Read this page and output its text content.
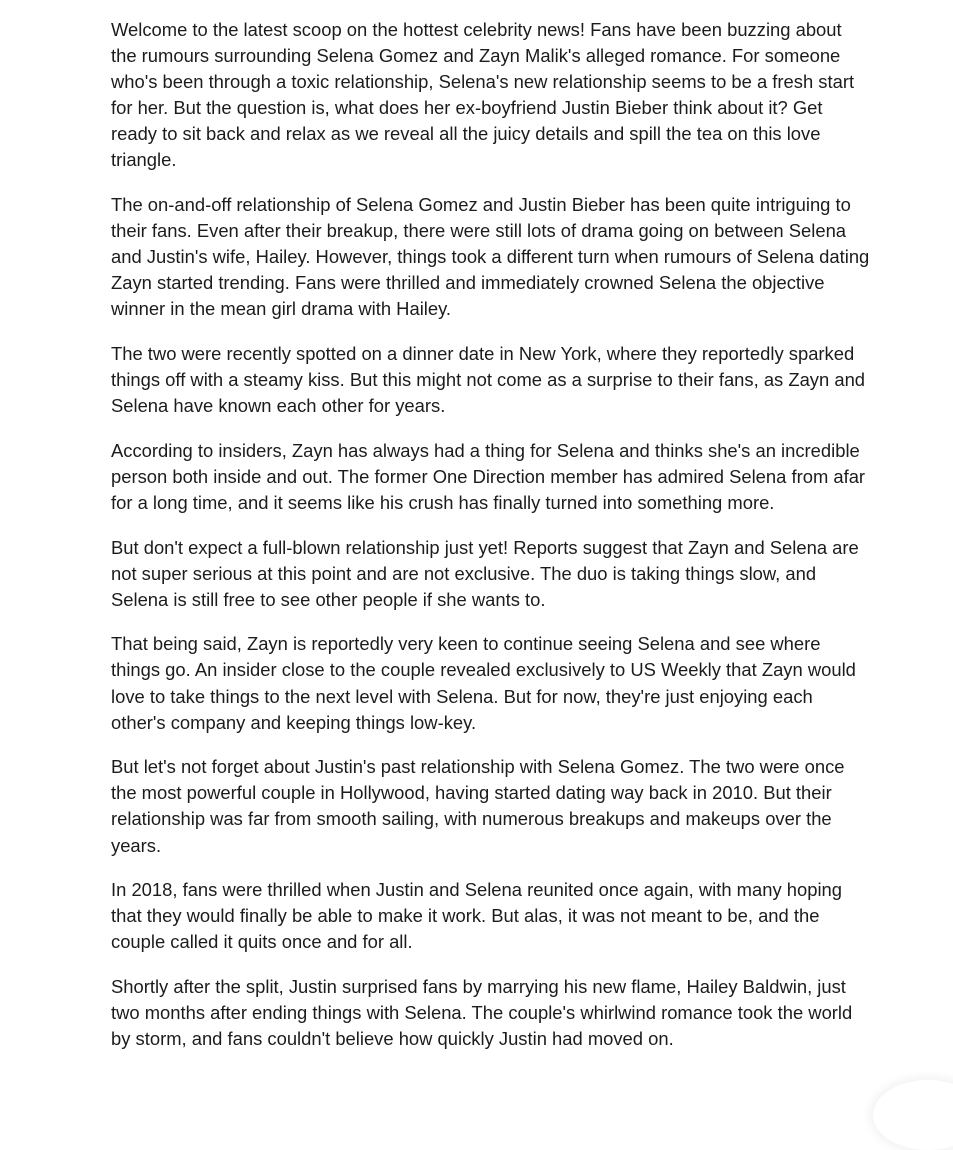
Welcome to the latest scoop on the hottest celebrity news! Fans have been buzzing about the rumours surrounding Selena Gomez and Zayn Malik's alleged romance. For someone who's been through a toxic relationship, Selena's new relationship seems to be a fresh start for her. But the question is, what does her ex-boyfriend Justin Bieber think about it? Get ready to sit back and relax as we reveal all the juicy details and spill the tea on this love triangle.

The on-and-off relationship of Selena Gomez and Justin Bieber has been quite intriguing to their fans. Even after their breakup, there were still lots of drama going on between Selena and Justin's wife, Hailey. However, things took a different turn when rumours of Selena dating Zayn started trending. Fans were thrilled and immediately crowned Selena the objective winner in the mean girl drama with Hailey.

The two were recently spotted on a dinner date in New York, where they reportedly sparked things off with a steamy kiss. But this might not come as a surprise to their fans, as Zayn and Selena have known each other for years.

According to insiders, Zayn has always had a thing for Selena and thinks she's an incredible person both inside and out. The former One Direction member has admired Selena from afar for a long time, and it seems like his crush has finally turned into something more.

But don't expect a full-blown relationship just yet! Reports suggest that Zayn and Selena are not super serious at this point and are not exclusive. The duo is taking things slow, and Selena is still free to see other people if she wants to.

That being said, Zayn is reportedly very keen to continue seeing Selena and see where things go. An insider close to the couple revealed exclusively to US Weekly that Zayn would love to take things to the next level with Selena. But for now, they're just enjoying each other's company and keeping things low-key.

But let's not forget about Justin's past relationship with Selena Gomez. The two were once the most powerful couple in Hollywood, having started dating way back in 2010. But their relationship was far from smooth sailing, with numerous breakups and makeups over the years.

In 2018, fans were thrilled when Justin and Selena reunited once again, with many hoping that they would finally be able to make it work. But alas, it was not meant to be, and the couple called it quits once and for all.

Shortly after the split, Justin surprised fans by marrying his new flame, Hailey Baldwin, just two months after ending things with Selena. The couple's whirlwind romance took the world by storm, and fans couldn't believe how quickly Justin had moved on.
